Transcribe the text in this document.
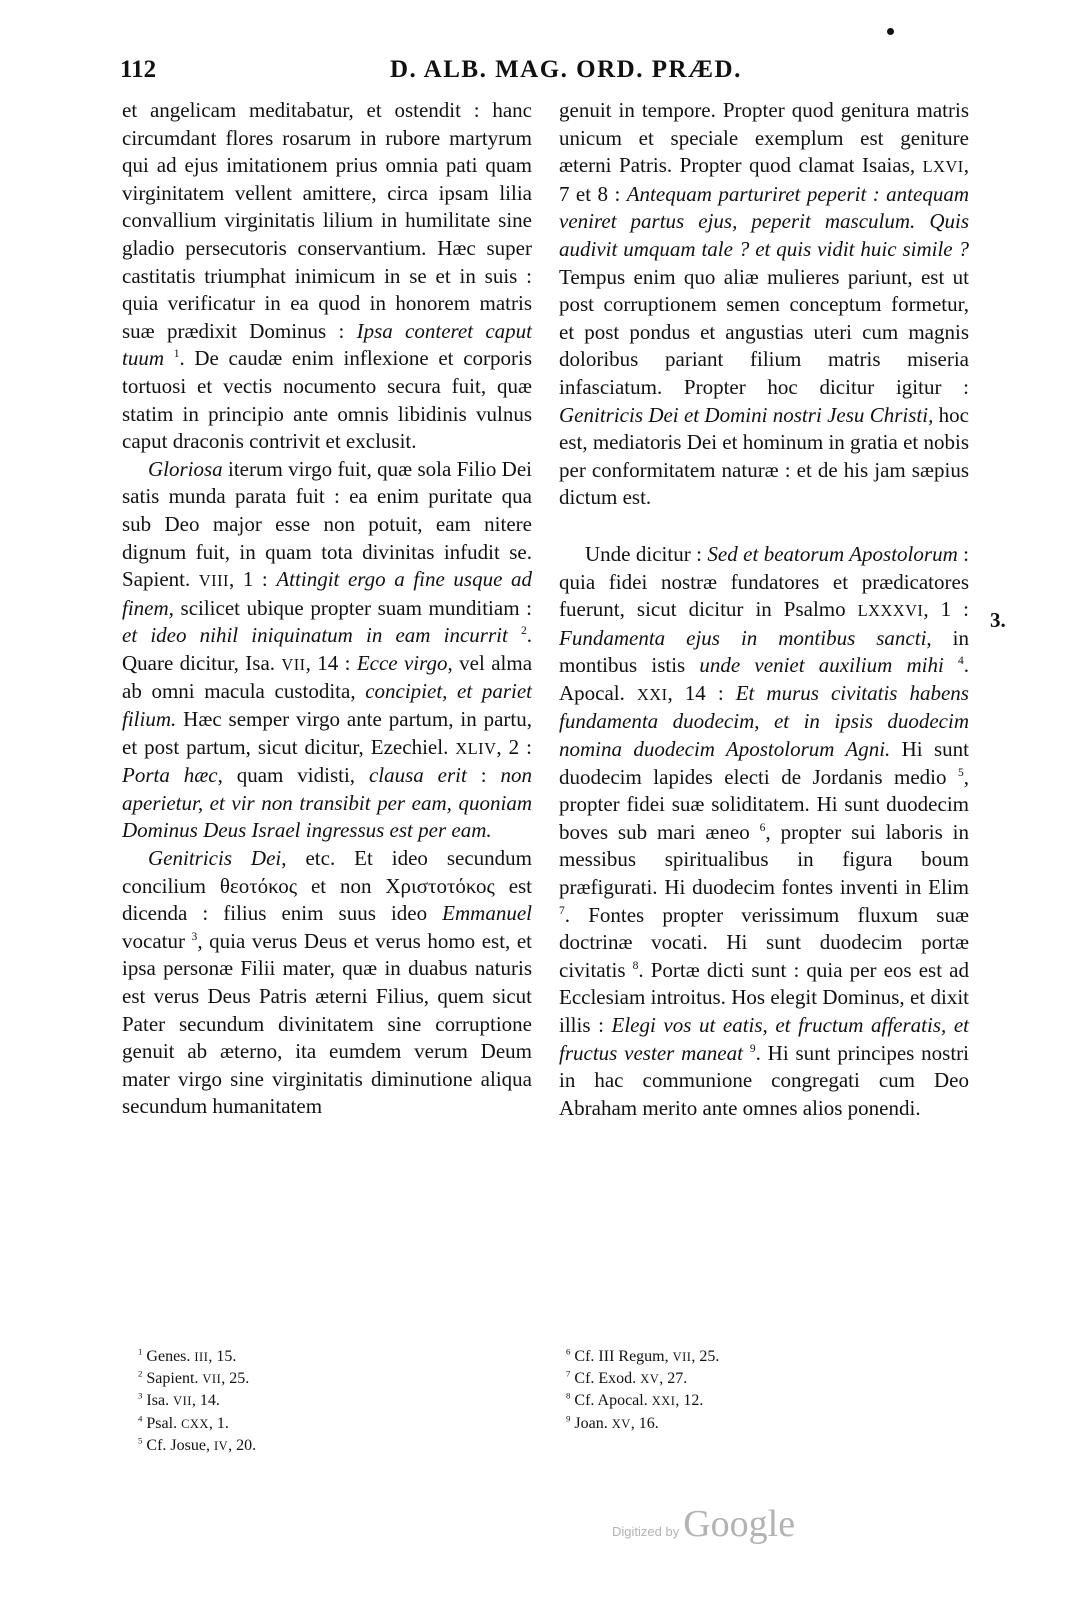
112	D. ALB. MAG. ORD. PRÆD.

et angelicam meditabatur, et ostendit : hanc circumdant flores rosarum in rubore martyrum qui ad ejus imitationem prius omnia pati quam virginitatem vellent amittere, circa ipsam lilia convallium virginitatis lilium in humilitate sine gladio persecutoris conservantium. Hæc super castitatis triumphat inimicum in se et in suis : quia verificatur in ea quod in honorem matris suæ prædixit Dominus : Ipsa conteret caput tuum $^1$. De caudæ enim inflexione et corporis tortuosi et vectis nocumento secura fuit, quæ statim in principio ante omnis libidinis vulnus caput draconis contrivit et exclusit.

Gloriosa iterum virgo fuit, quæ sola Filio Dei satis munda parata fuit : ea enim puritate qua sub Deo major esse non potuit, eam nitere dignum fuit, in quam tota divinitas infudit se. Sapient. VIII, 1 : Attingit ergo a fine usque ad finem, scilicet ubique propter suam munditiam : et ideo nihil iniquinatum in eam incurrit $^2$. Quare dicitur, Isa. VII, 14 : Ecce virgo, vel alma ab omni macula custodita, concipiet, et pariet filium. Hæc semper virgo ante partum, in partu, et post partum, sicut dicitur, Ezechiel. XLIV, 2 : Porta hæc, quam vidisti, clausa erit : non aperietur, et vir non transibit per eam, quoniam Dominus Deus Israel ingressus est per eam.

Genitricis Dei, etc. Et ideo secundum concilium θεοτόκος et non Χριστοτόκος est dicenda : filius enim suus ideo Emmanuel vocatur $^3$, quia verus Deus et verus homo est, et ipsa personæ Filii mater, quæ in duabus naturis est verus Deus Patris æterni Filius, quem sicut Pater secundum divinitatem sine corruptione genuit ab æterno, ita eumdem verum Deum mater virgo sine virginitatis diminutione aliqua secundum humanitatem

genuit in tempore. Propter quod genitura matris unicum et speciale exemplum est geniture æterni Patris. Propter quod clamat Isaias, LXVI, 7 et 8 : Antequam parturiret peperit : antequam veniret partus ejus, peperit masculum. Quis audivit umquam tale ? et quis vidit huic simile ? Tempus enim quo aliæ mulieres pariunt, est ut post corruptionem semen conceptum formetur, et post pondus et angustias uteri cum magnis doloribus pariant filium matris miseria infasciatum. Propter hoc dicitur igitur : Genitricis Dei et Domini nostri Jesu Christi, hoc est, mediatoris Dei et hominum in gratia et nobis per conformitatem naturæ : et de his jam sæpius dictum est.

Unde dicitur : Sed et beatorum Apostolorum : quia fidei nostræ fundatores et prædicatores fuerunt, sicut dicitur in Psalmo LXXXVI, 1 : Fundamenta ejus in montibus sancti, in montibus istis unde veniet auxilium mihi $^4$. Apocal. XXI, 14 : Et murus civitatis habens fundamenta duodecim, et in ipsis duodecim nomina duodecim Apostolorum Agni. Hi sunt duodecim lapides electi de Jordanis medio $^5$, propter fidei suæ soliditatem. Hi sunt duodecim boves sub mari æneo $^6$, propter sui laboris in messibus spiritualibus in figura boum præfigurati. Hi duodecim fontes inventi in Elim $^7$. Fontes propter verissimum fluxum suæ doctrinæ vocati. Hi sunt duodecim portæ civitatis $^8$. Portæ dicti sunt : quia per eos est ad Ecclesiam introitus. Hos elegit Dominus, et dixit illis : Elegi vos ut eatis, et fructum afferatis, et fructus vester maneat $^9$. Hi sunt principes nostri in hac communione congregati cum Deo Abraham merito ante omnes alios ponendi.

3.
$^1$ Genes. III, 15.
$^2$ Sapient. VII, 25.
$^3$ Isa. VII, 14.
$^4$ Psal. CXX, 1.
$^5$ Cf. Josue, IV, 20.
$^6$ Cf. III Regum, VII, 25.
$^7$ Cf. Exod. XV, 27.
$^8$ Cf. Apocal. XXI, 12.
$^9$ Joan. XV, 16.
Digitized by Google
